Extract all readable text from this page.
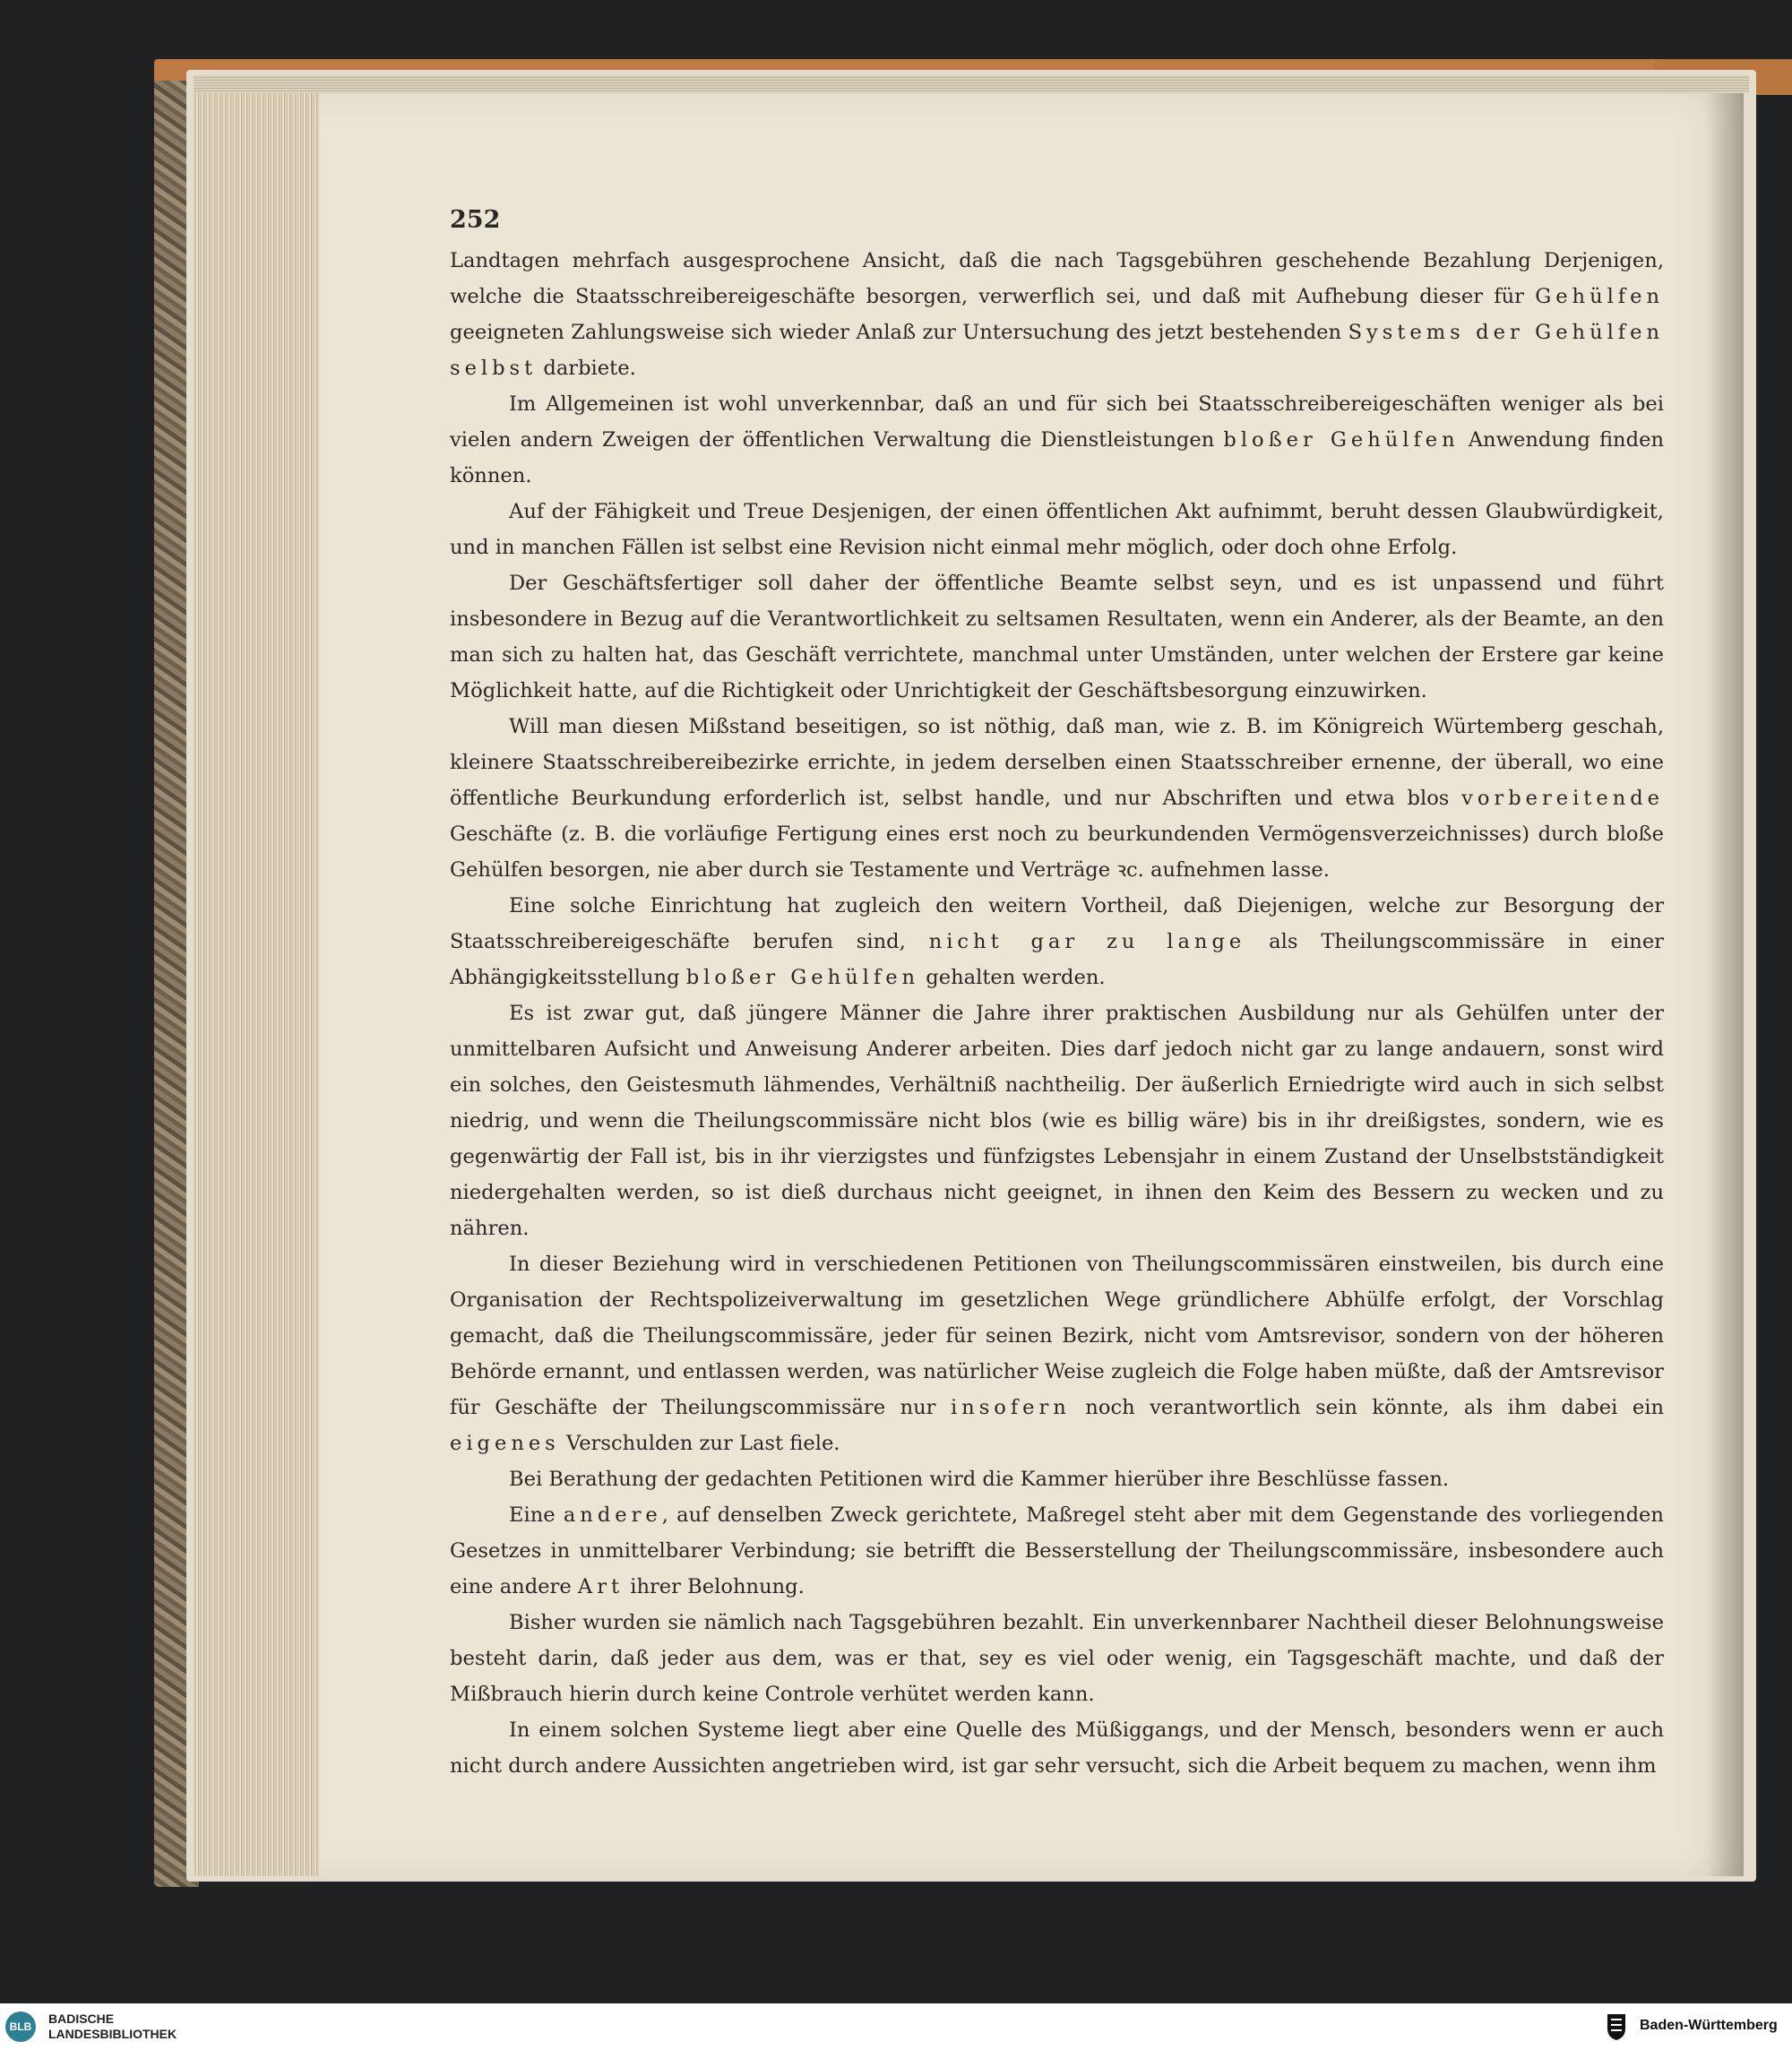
252

Landtagen mehrfach ausgesprochene Ansicht, daß die nach Tagsgebühren geschehende Bezahlung Derjenigen, welche die Staatsschreibereigeschäfte besorgen, verwerflich sei, und daß mit Aufhebung dieser für Gehülfen geeigneten Zahlungsweise sich wieder Anlaß zur Untersuchung des jetzt bestehenden Systems der Gehülfen selbst darbiete.

Im Allgemeinen ist wohl unverkennbar, daß an und für sich bei Staatsschreibereigeschäften weniger als bei vielen andern Zweigen der öffentlichen Verwaltung die Dienstleistungen bloßer Gehülfen Anwendung finden können.

Auf der Fähigkeit und Treue Desjenigen, der einen öffentlichen Akt aufnimmt, beruht dessen Glaubwürdigkeit, und in manchen Fällen ist selbst eine Revision nicht einmal mehr möglich, oder doch ohne Erfolg.

Der Geschäftsfertiger soll daher der öffentliche Beamte selbst seyn, und es ist unpassend und führt insbesondere in Bezug auf die Verantwortlichkeit zu seltsamen Resultaten, wenn ein Anderer, als der Beamte, an den man sich zu halten hat, das Geschäft verrichtete, manchmal unter Umständen, unter welchen der Erstere gar keine Möglichkeit hatte, auf die Richtigkeit oder Unrichtigkeit der Geschäftsbesorgung einzuwirken.

Will man diesen Mißstand beseitigen, so ist nöthig, daß man, wie z. B. im Königreich Würtemberg geschah, kleinere Staatsschreibereibezirke errichte, in jedem derselben einen Staatsschreiber ernenne, der überall, wo eine öffentliche Beurkundung erforderlich ist, selbst handle, und nur Abschriften und etwa blos vorbereitende Geschäfte (z. B. die vorläufige Fertigung eines erst noch zu beurkundenden Vermögensverzeichnisses) durch bloße Gehülfen besorgen, nie aber durch sie Testamente und Verträge ꝛc. aufnehmen lasse.

Eine solche Einrichtung hat zugleich den weitern Vortheil, daß Diejenigen, welche zur Besorgung der Staatsschreibereigeschäfte berufen sind, nicht gar zu lange als Theilungscommissäre in einer Abhängigkeitsstellung bloßer Gehülfen gehalten werden.

Es ist zwar gut, daß jüngere Männer die Jahre ihrer praktischen Ausbildung nur als Gehülfen unter der unmittelbaren Aufsicht und Anweisung Anderer arbeiten. Dies darf jedoch nicht gar zu lange andauern, sonst wird ein solches, den Geistesmuth lähmendes, Verhältniß nachtheilig. Der äußerlich Erniedrigte wird auch in sich selbst niedrig, und wenn die Theilungscommissäre nicht blos (wie es billig wäre) bis in ihr dreißigstes, sondern, wie es gegenwärtig der Fall ist, bis in ihr vierzigstes und fünfzigstes Lebensjahr in einem Zustand der Unselbstständigkeit niedergehalten werden, so ist dieß durchaus nicht geeignet, in ihnen den Keim des Bessern zu wecken und zu nähren.

In dieser Beziehung wird in verschiedenen Petitionen von Theilungscommissären einstweilen, bis durch eine Organisation der Rechtspolizeiverwaltung im gesetzlichen Wege gründlichere Abhülfe erfolgt, der Vorschlag gemacht, daß die Theilungscommissäre, jeder für seinen Bezirk, nicht vom Amtsrevisor, sondern von der höheren Behörde ernannt, und entlassen werden, was natürlicher Weise zugleich die Folge haben müßte, daß der Amtsrevisor für Geschäfte der Theilungscommissäre nur insofern noch verantwortlich sein könnte, als ihm dabei ein eigenes Verschulden zur Last fiele.

Bei Berathung der gedachten Petitionen wird die Kammer hierüber ihre Beschlüsse fassen.

Eine andere, auf denselben Zweck gerichtete, Maßregel steht aber mit dem Gegenstande des vorliegenden Gesetzes in unmittelbarer Verbindung; sie betrifft die Besserstellung der Theilungscommissäre, insbesondere auch eine andere Art ihrer Belohnung.

Bisher wurden sie nämlich nach Tagsgebühren bezahlt. Ein unverkennbarer Nachtheil dieser Belohnungsweise besteht darin, daß jeder aus dem, was er that, sey es viel oder wenig, ein Tagsgeschäft machte, und daß der Mißbrauch hierin durch keine Controle verhütet werden kann.

In einem solchen Systeme liegt aber eine Quelle des Müßiggangs, und der Mensch, besonders wenn er auch nicht durch andere Aussichten angetrieben wird, ist gar sehr versucht, sich die Arbeit bequem zu machen, wenn ihm

BLB
BADISCHE
LANDESBIBLIOTHEK
Baden-Württemberg
